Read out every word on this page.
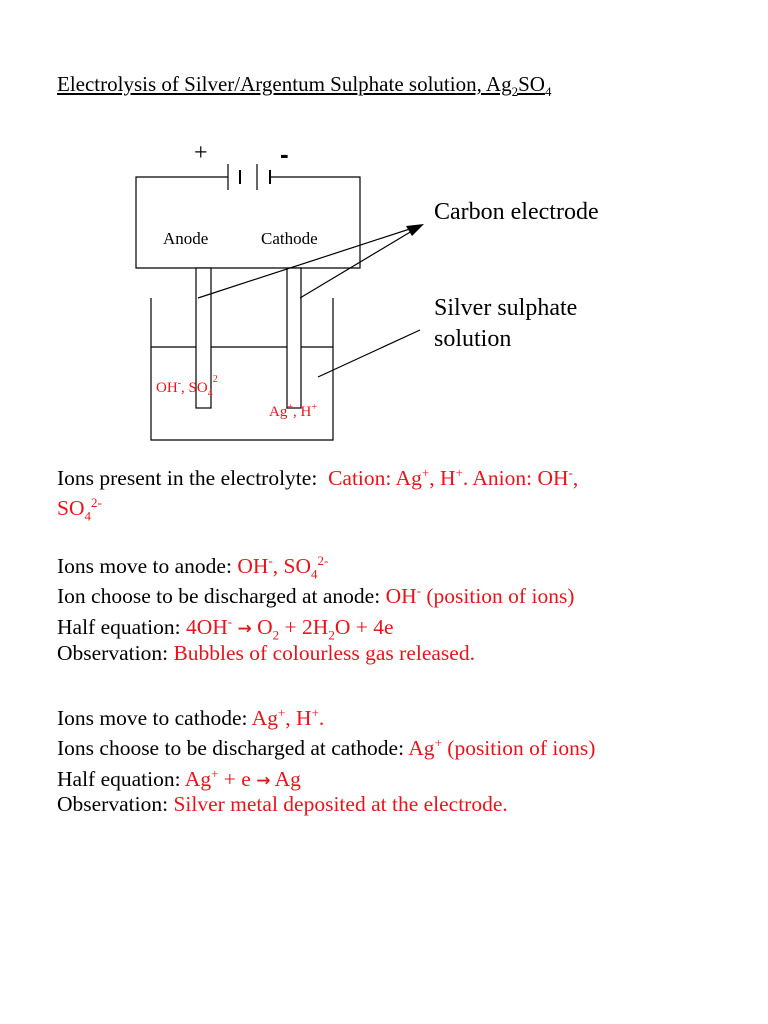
Electrolysis of Silver/Argentum Sulphate solution, $Ag_2SO_4$
+	-
Anode	Cathode
Carbon electrode
Silver sulphate
solution
OH-, $SO_4^2$
Ag+, H+
Ions present in the electrolyte: Cation: Ag+, H+. Anion: OH-,
$SO_4^{2-}$
Ions move to anode: OH-, $SO_4^{2-}$
Ion choose to be discharged at anode: OH- (position of ions)
Half equation: $4OH^- \to O_2 + 2H_2O + 4e$
Observation: Bubbles of colourless gas released.
Ions move to cathode: Ag+, H+.
Ions choose to be discharged at cathode: Ag+ (position of ions)
Half equation: Ag+ + e → Ag
Observation: Silver metal deposited at the electrode.
